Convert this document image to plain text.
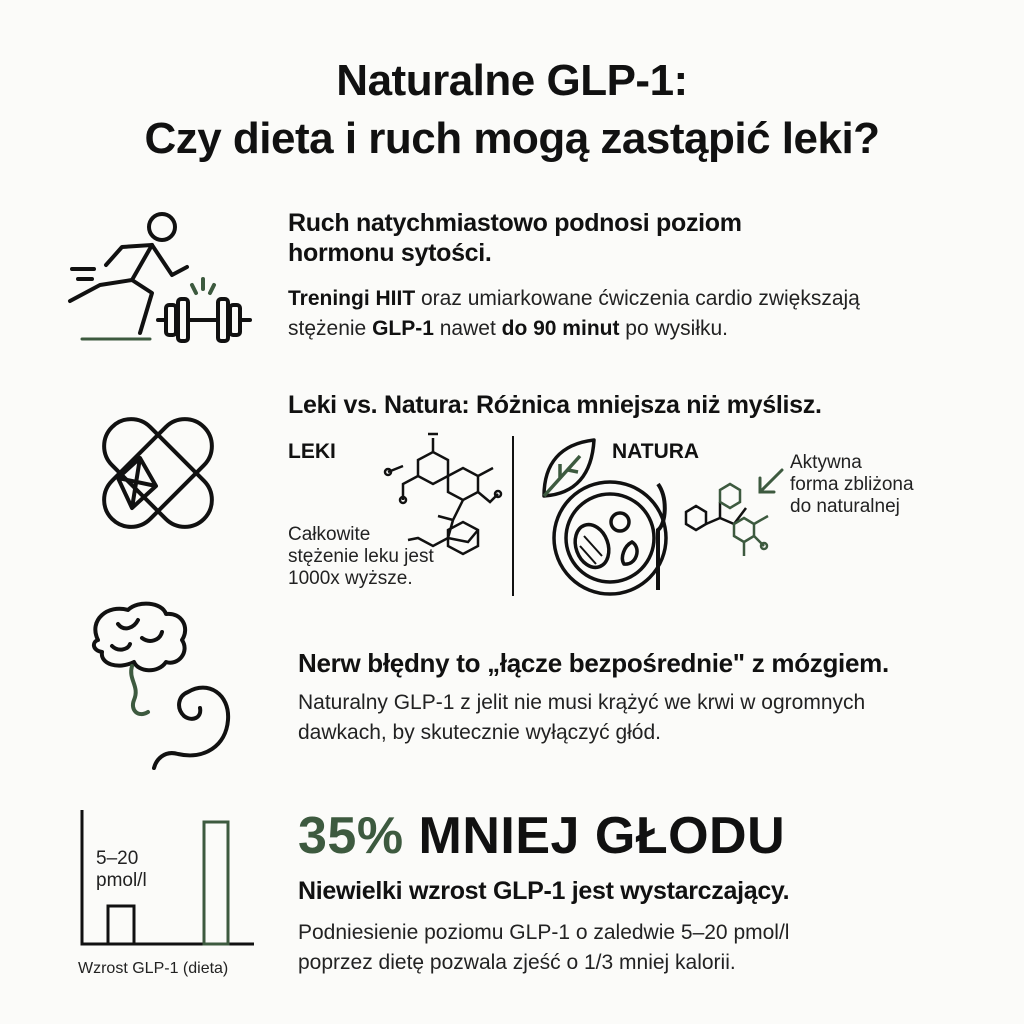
Naturalne GLP-1:
Czy dieta i ruch mogą zastąpić leki?
Ruch natychmiastowo podnosi poziom
hormonu sytości.
Treningi HIIT oraz umiarkowane ćwiczenia cardio zwiększają
stężenie GLP-1 nawet do 90 minut po wysiłku.
Leki vs. Natura: Różnica mniejsza niż myślisz.
LEKI
Całkowite
stężenie leku jest
1000x wyższe.
NATURA	Aktywna
forma zbliżona
do naturalnej
Nerw błędny to „łącze bezpośrednie" z mózgiem.
Naturalny GLP-1 z jelit nie musi krążyć we krwi w ogromnych
dawkach, by skutecznie wyłączyć głód.
5–20
pmol/l
Wzrost GLP-1 (dieta)
35% MNIEJ GŁODU
Niewielki wzrost GLP-1 jest wystarczający.
Podniesienie poziomu GLP-1 o zaledwie 5–20 pmol/l
poprzez dietę pozwala zjeść o 1/3 mniej kalorii.
